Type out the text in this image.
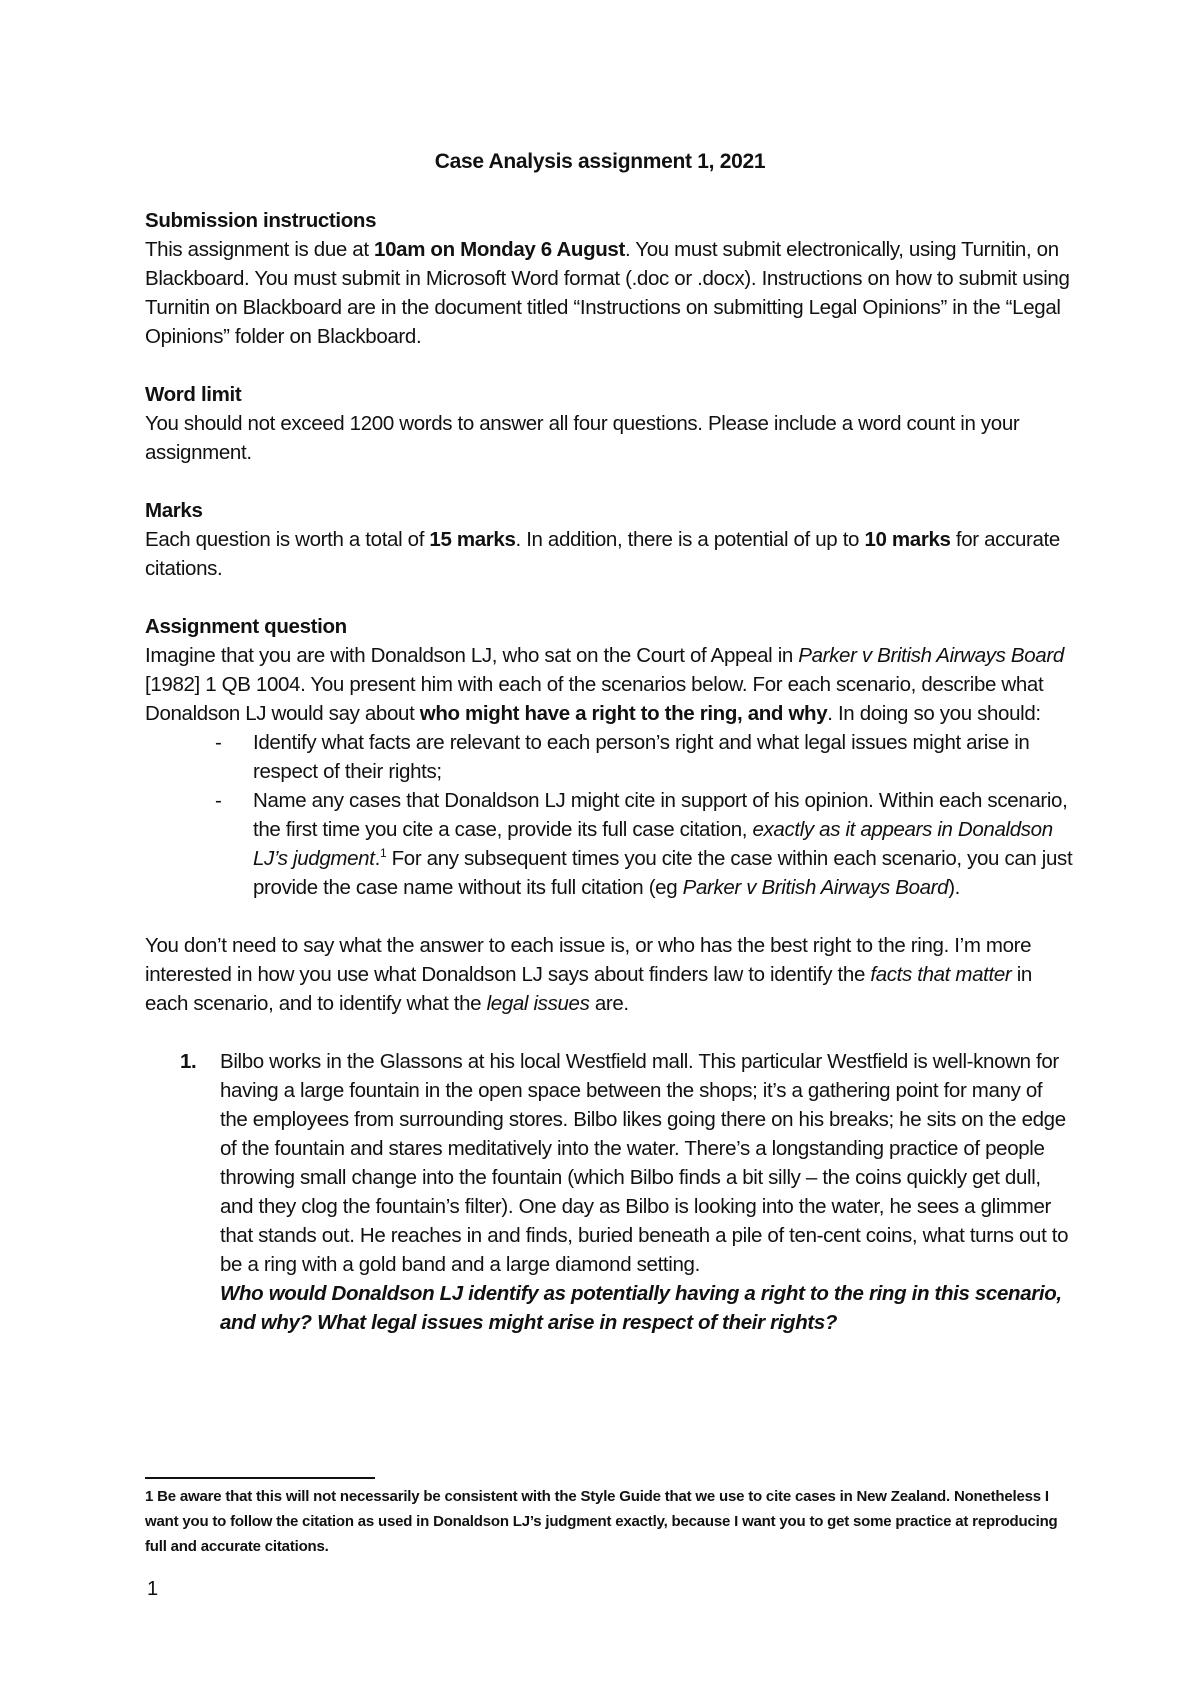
Case Analysis assignment 1, 2021

Submission instructions

This assignment is due at 10am on Monday 6 August. You must submit electronically, using Turnitin, on Blackboard. You must submit in Microsoft Word format (.doc or .docx). Instructions on how to submit using Turnitin on Blackboard are in the document titled “Instructions on submitting Legal Opinions” in the “Legal Opinions” folder on Blackboard.

Word limit

You should not exceed 1200 words to answer all four questions. Please include a word count in your assignment.

Marks

Each question is worth a total of 15 marks. In addition, there is a potential of up to 10 marks for accurate citations.

Assignment question

Imagine that you are with Donaldson LJ, who sat on the Court of Appeal in Parker v British Airways Board [1982] 1 QB 1004. You present him with each of the scenarios below. For each scenario, describe what Donaldson LJ would say about who might have a right to the ring, and why. In doing so you should:

- Identify what facts are relevant to each person’s right and what legal issues might arise in respect of their rights;
- Name any cases that Donaldson LJ might cite in support of his opinion. Within each scenario, the first time you cite a case, provide its full case citation, exactly as it appears in Donaldson LJ’s judgment.$^1$ For any subsequent times you cite the case within each scenario, you can just provide the case name without its full citation (eg Parker v British Airways Board).

You don’t need to say what the answer to each issue is, or who has the best right to the ring. I’m more interested in how you use what Donaldson LJ says about finders law to identify the facts that matter in each scenario, and to identify what the legal issues are.

1. Bilbo works in the Glassons at his local Westfield mall. This particular Westfield is well-known for having a large fountain in the open space between the shops; it’s a gathering point for many of the employees from surrounding stores. Bilbo likes going there on his breaks; he sits on the edge of the fountain and stares meditatively into the water. There’s a longstanding practice of people throwing small change into the fountain (which Bilbo finds a bit silly – the coins quickly get dull, and they clog the fountain’s filter). One day as Bilbo is looking into the water, he sees a glimmer that stands out. He reaches in and finds, buried beneath a pile of ten-cent coins, what turns out to be a ring with a gold band and a large diamond setting.
Who would Donaldson LJ identify as potentially having a right to the ring in this scenario, and why? What legal issues might arise in respect of their rights?
1 Be aware that this will not necessarily be consistent with the Style Guide that we use to cite cases in New Zealand. Nonetheless I want you to follow the citation as used in Donaldson LJ’s judgment exactly, because I want you to get some practice at reproducing full and accurate citations.
1
